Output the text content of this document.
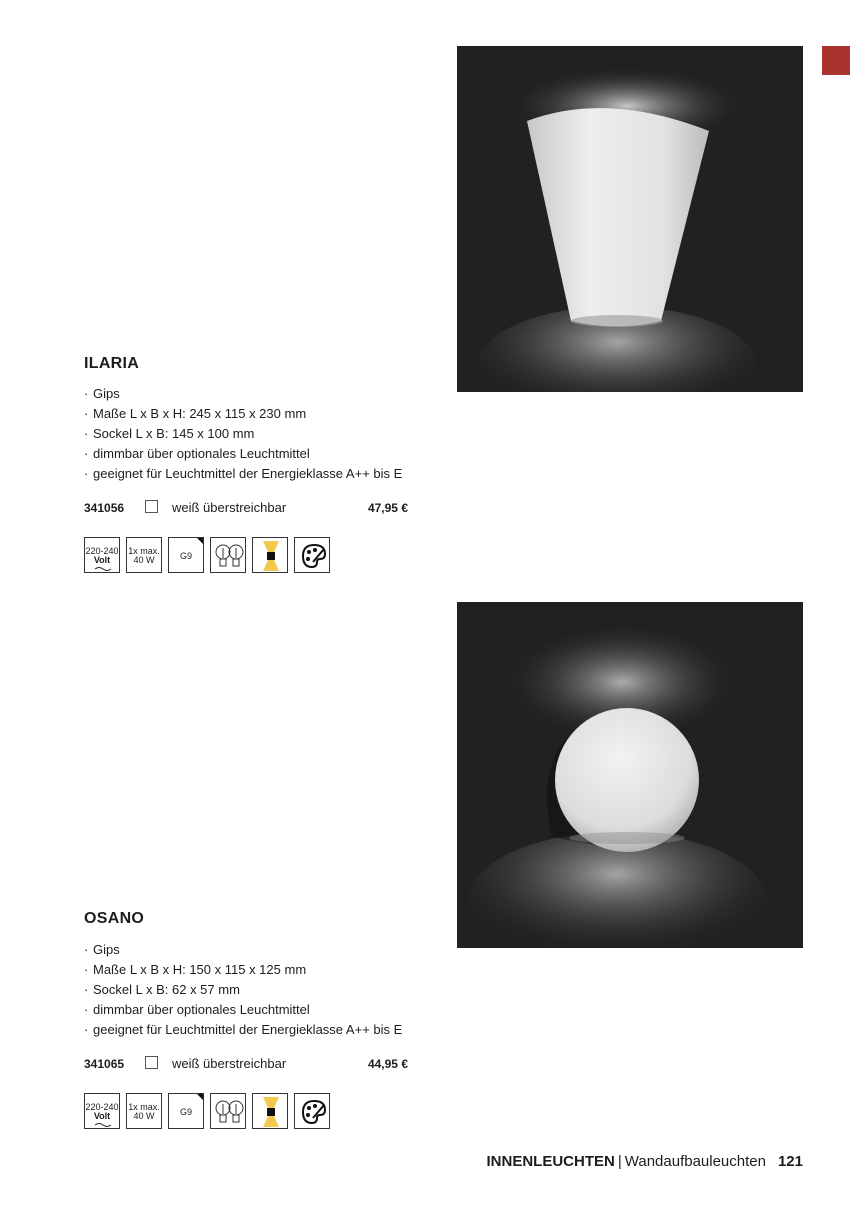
ILARIA
· Gips
· Maße L x B x H: 245 x 115 x 230 mm
· Sockel L x B: 145 x 100 mm
· dimmbar über optionales Leuchtmittel
· geeignet für Leuchtmittel der Energieklasse A++ bis E
341056	weiß überstreichbar	47,95 €
220-240
Volt
1x max.
40 W	G9
OSANO
· Gips
· Maße L x B x H: 150 x 115 x 125 mm
· Sockel L x B: 62 x 57 mm
· dimmbar über optionales Leuchtmittel
· geeignet für Leuchtmittel der Energieklasse A++ bis E
341065	weiß überstreichbar	44,95 €
220-240
Volt
1x max.
40 W	G9
INNENLEUCHTEN | Wandaufbauleuchten 121
